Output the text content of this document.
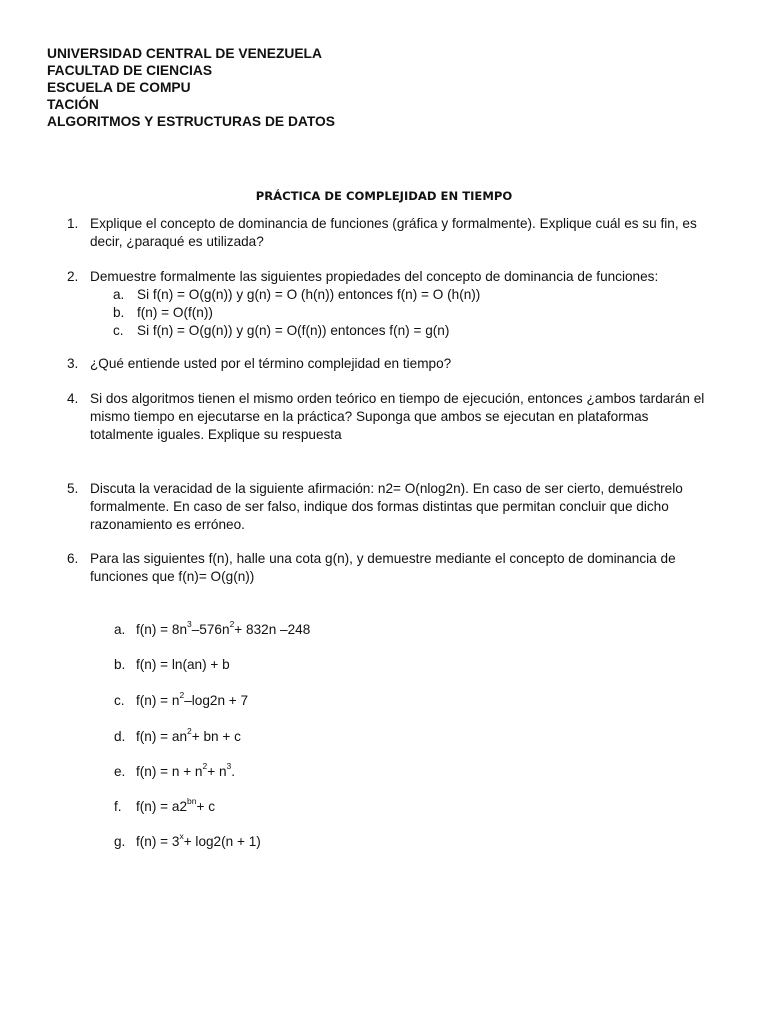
UNIVERSIDAD CENTRAL DE VENEZUELA
FACULTAD DE CIENCIAS
ESCUELA DE COMPU
TACIÓN
ALGORITMOS Y ESTRUCTURAS DE DATOS
PRÁCTICA DE COMPLEJIDAD EN TIEMPO
1. Explique el concepto de dominancia de funciones (gráfica y formalmente). Explique cuál es su fin, es
decir, ¿paraqué es utilizada?
2. Demuestre formalmente las siguientes propiedades del concepto de dominancia de funciones:
a. Si f(n) = O(g(n)) y g(n) = O (h(n)) entonces f(n) = O (h(n))
b. f(n) = O(f(n))
c. Si f(n) = O(g(n)) y g(n) = O(f(n)) entonces f(n) = g(n)
3. ¿Qué entiende usted por el término complejidad en tiempo?
4. Si dos algoritmos tienen el mismo orden teórico en tiempo de ejecución, entonces ¿ambos tardarán el
mismo tiempo en ejecutarse en la práctica? Suponga que ambos se ejecutan en plataformas
totalmente iguales. Explique su respuesta
5. Discuta la veracidad de la siguiente afirmación: n2= O(nlog2n). En caso de ser cierto, demuéstrelo
formalmente. En caso de ser falso, indique dos formas distintas que permitan concluir que dicho
razonamiento es erróneo.
6. Para las siguientes f(n), halle una cota g(n), y demuestre mediante el concepto de dominancia de
funciones que f(n)= O(g(n))
a. $f(n) = 8n^3-576n^2+ 832n$ –248
b. f(n) = ln(an) + b
c. $f(n) = n^2-\log 2n + 7$
d. $f(n) = an^2+$ bn + c
e. $f(n) = n + n^2+ n^3$.
f.	$f(n) = a2^{bn}+ c$
g. $f(n) = 3^x+ \log 2(n + 1)$
